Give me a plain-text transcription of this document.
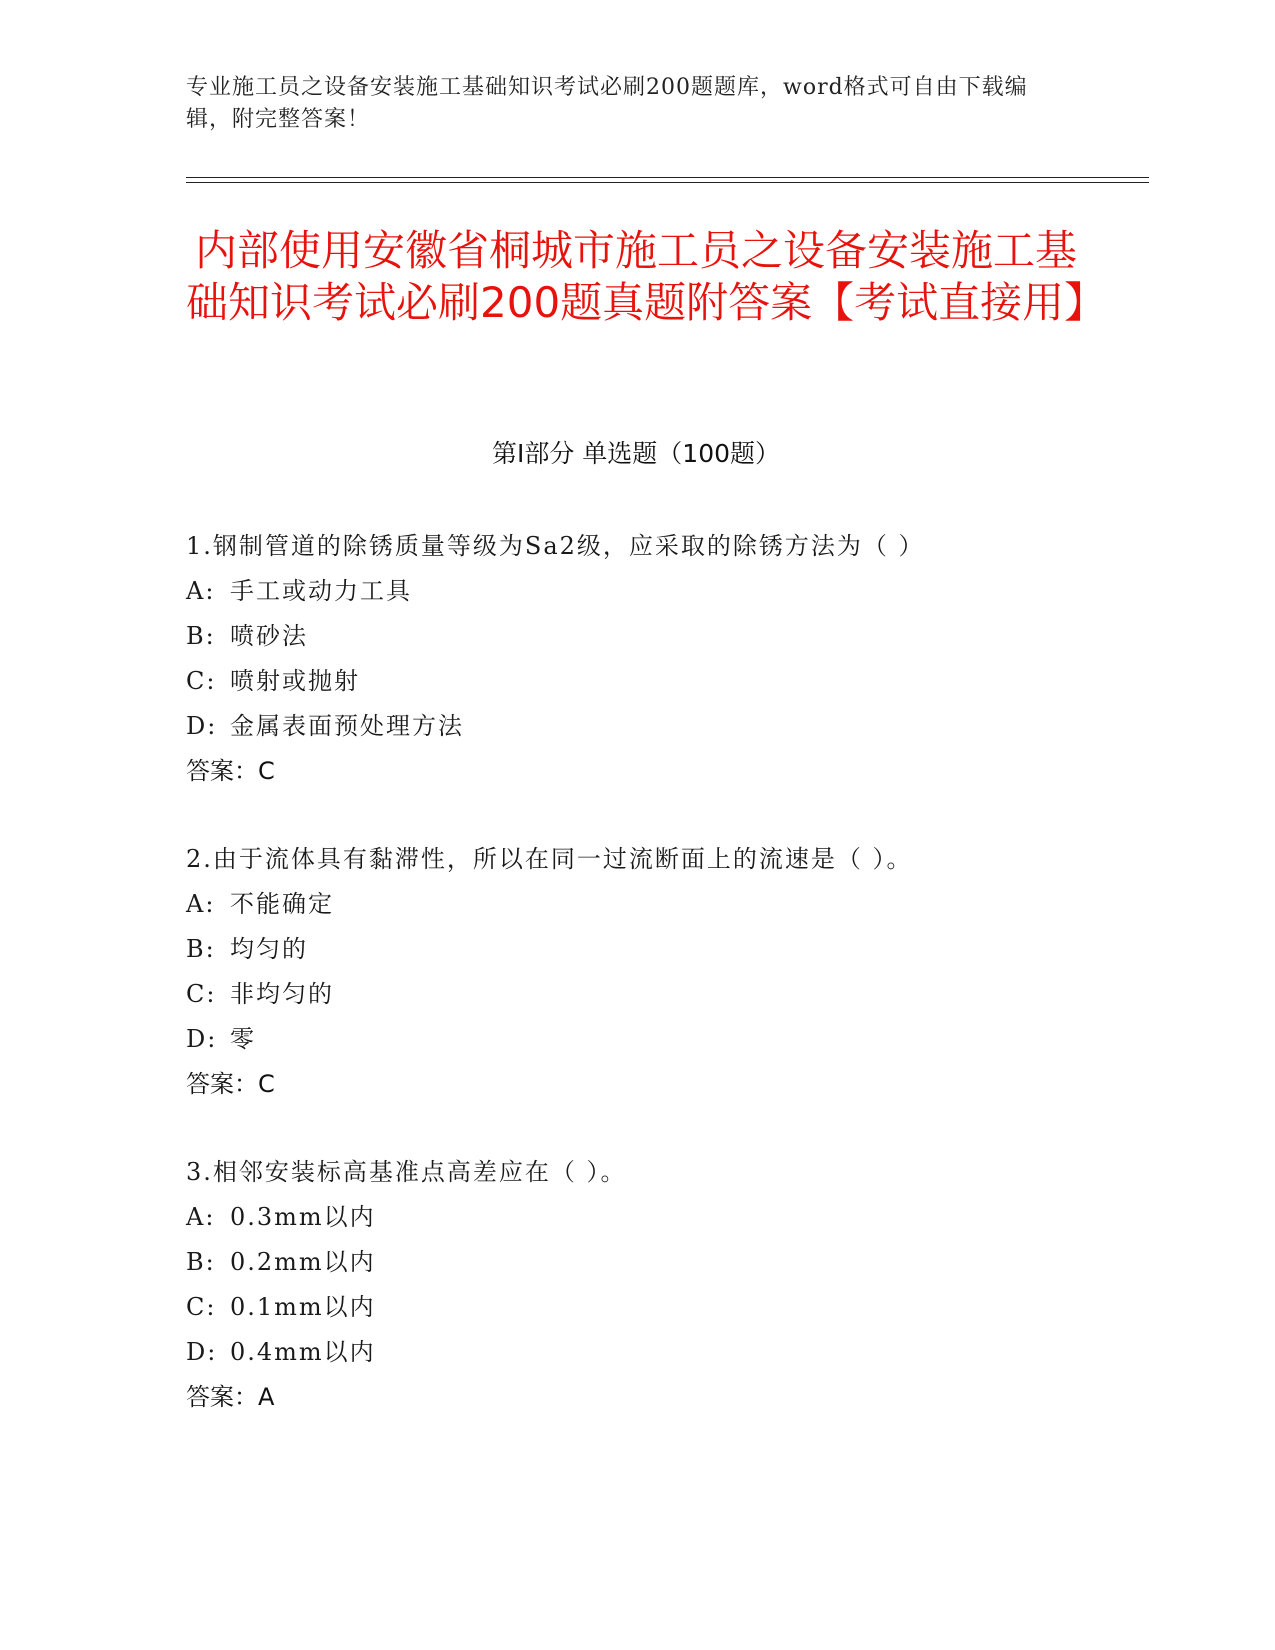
专业施工员之设备安装施工基础知识考试必刷200题题库，word格式可自由下载编辑，附完整答案！
内部使用安徽省桐城市施工员之设备安装施工基础知识考试必刷200题真题附答案【考试直接用】
第Ⅰ部分 单选题（100题）
1.钢制管道的除锈质量等级为Sa2级，应采取的除锈方法为（ ）
A: 手工或动力工具
B: 喷砂法
C: 喷射或抛射
D: 金属表面预处理方法
答案：C
2.由于流体具有黏滞性，所以在同一过流断面上的流速是（ ）。
A: 不能确定
B: 均匀的
C: 非均匀的
D: 零
答案：C
3.相邻安装标高基准点高差应在（ ）。
A: 0.3mm以内
B: 0.2mm以内
C: 0.1mm以内
D: 0.4mm以内
答案：A
